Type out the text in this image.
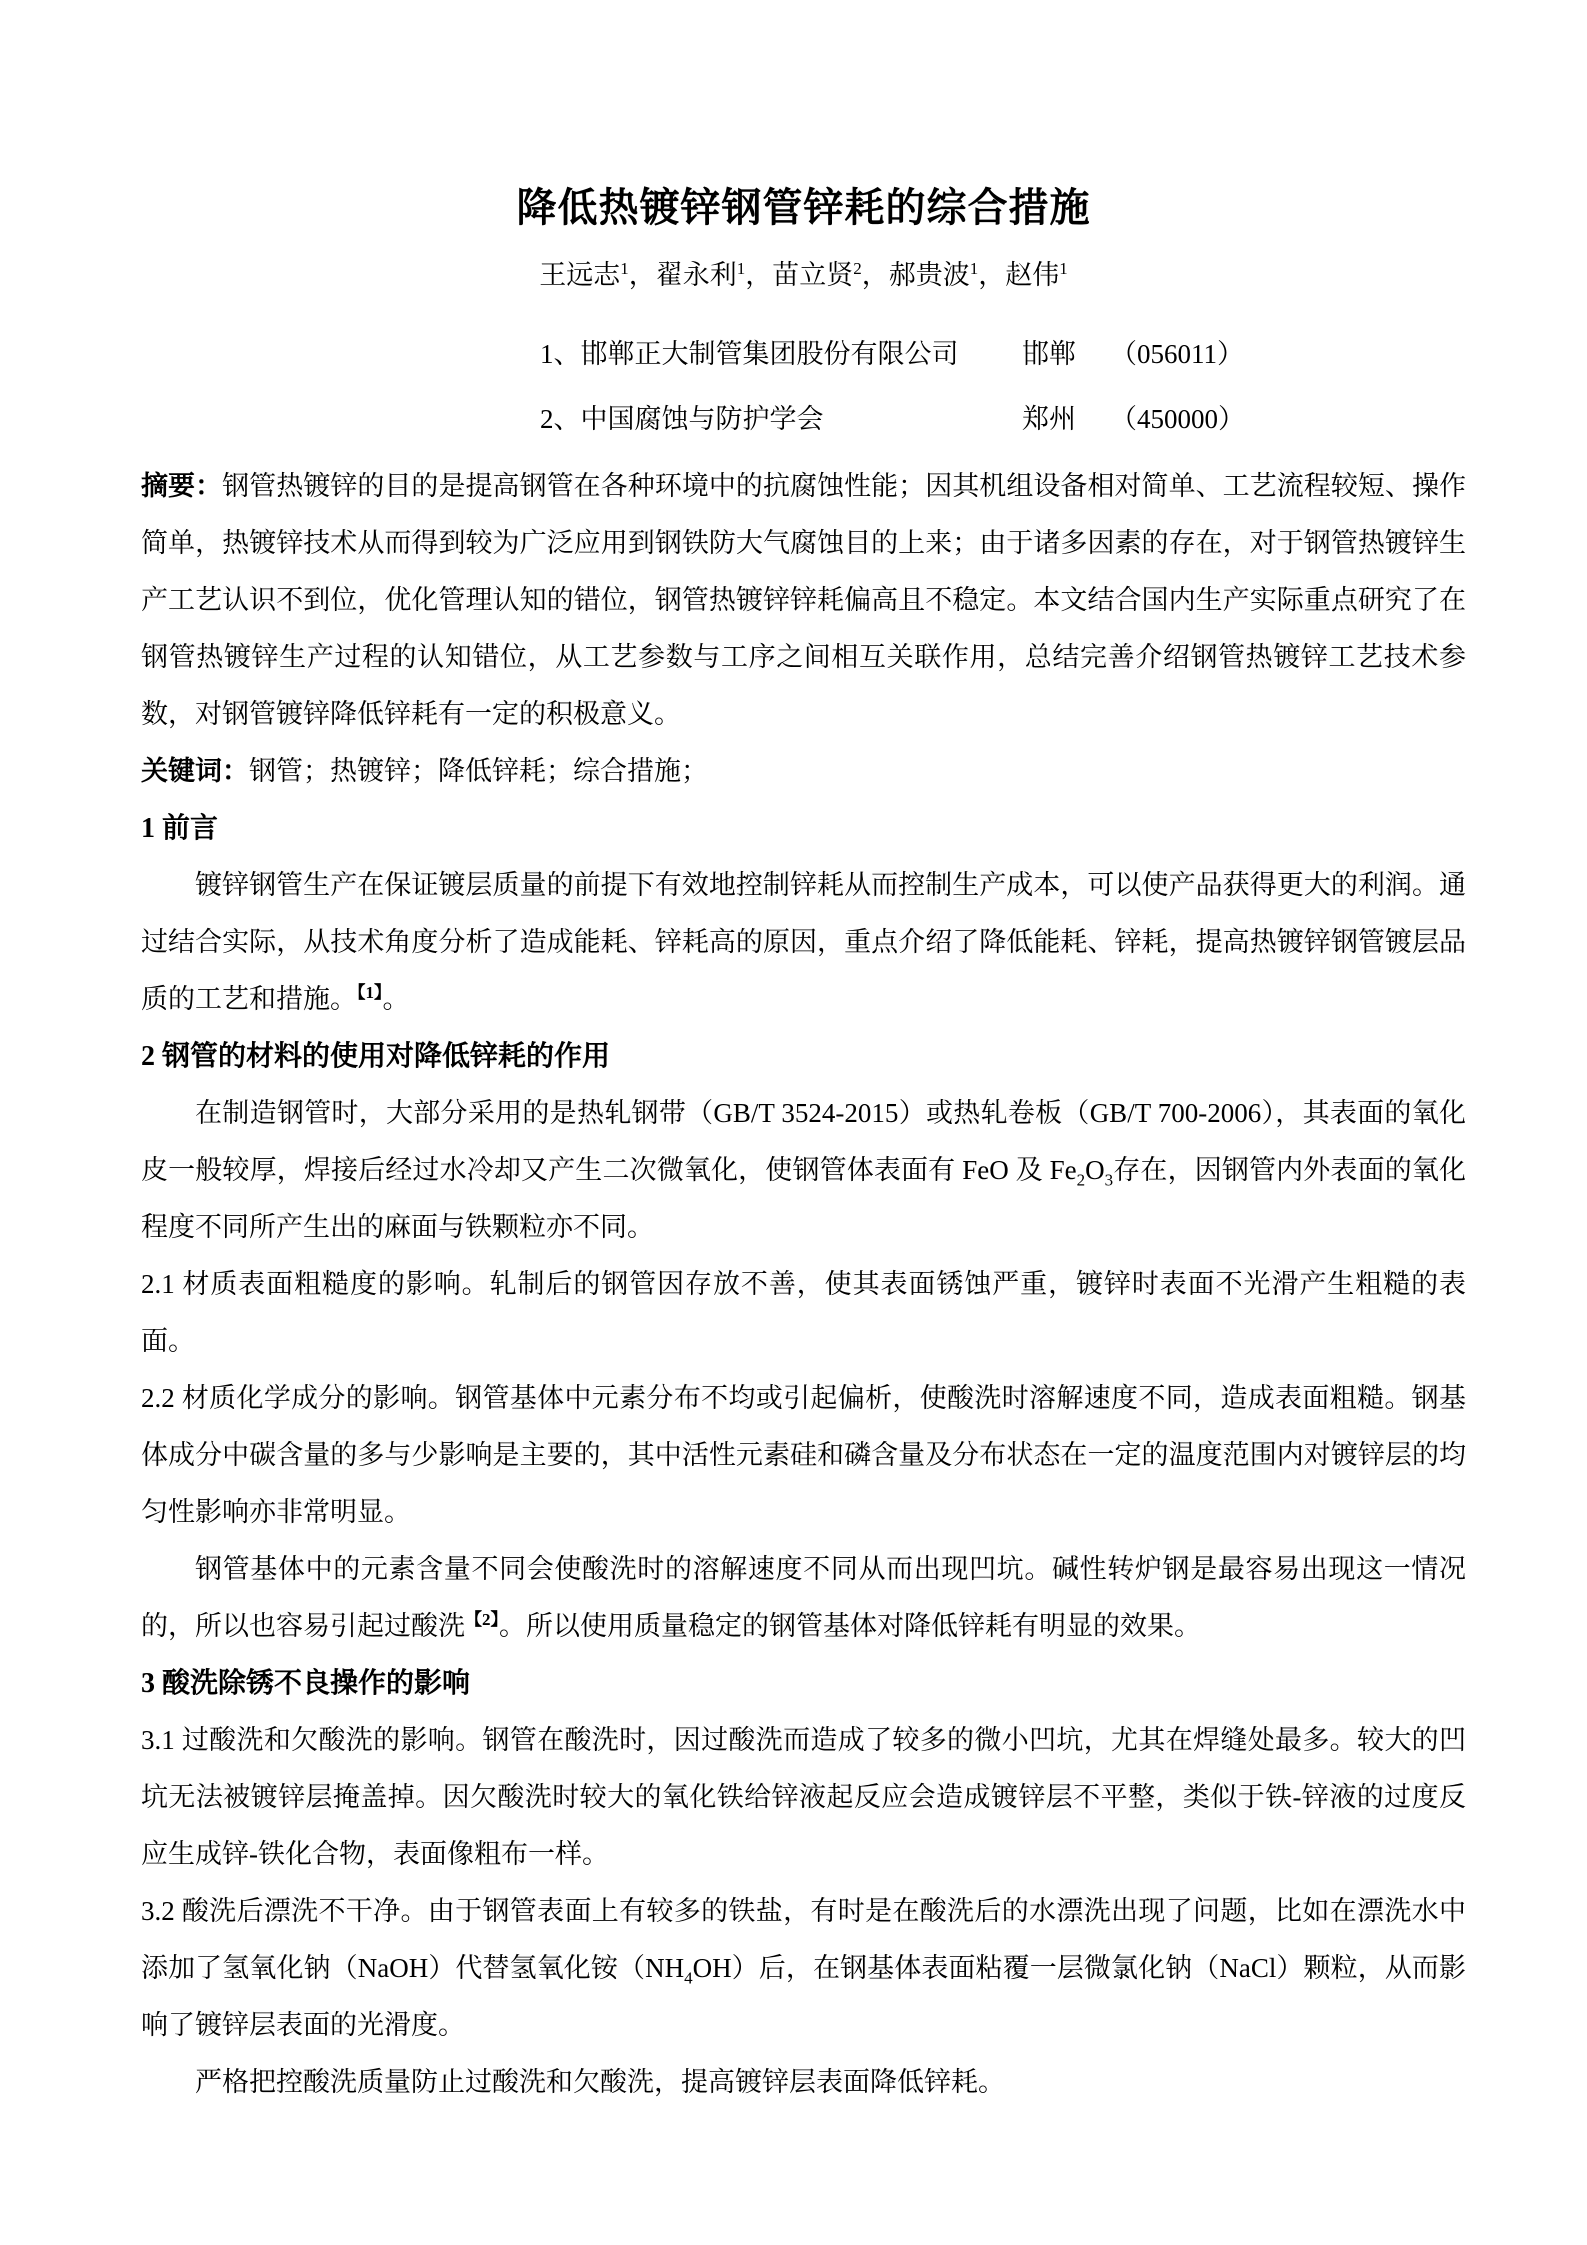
降低热镀锌钢管锌耗的综合措施
王远志$^1$，翟永利$^1$，苗立贤$^2$，郝贵波$^1$，赵伟$^1$
1、邯郸正大制管集团股份有限公司	邯郸	（056011）
2、中国腐蚀与防护学会	郑州	（450000）

摘要：钢管热镀锌的目的是提高钢管在各种环境中的抗腐蚀性能；因其机组设备相对简单、工艺流程较短、操作简单，热镀锌技术从而得到较为广泛应用到钢铁防大气腐蚀目的上来；由于诸多因素的存在，对于钢管热镀锌生产工艺认识不到位，优化管理认知的错位，钢管热镀锌锌耗偏高且不稳定。本文结合国内生产实际重点研究了在钢管热镀锌生产过程的认知错位，从工艺参数与工序之间相互关联作用，总结完善介绍钢管热镀锌工艺技术参数，对钢管镀锌降低锌耗有一定的积极意义。

关键词：钢管；热镀锌；降低锌耗；综合措施；

1 前言

镀锌钢管生产在保证镀层质量的前提下有效地控制锌耗从而控制生产成本，可以使产品获得更大的利润。通过结合实际，从技术角度分析了造成能耗、锌耗高的原因，重点介绍了降低能耗、锌耗，提高热镀锌钢管镀层品质的工艺和措施。$^{【1】}$。

2 钢管的材料的使用对降低锌耗的作用

在制造钢管时，大部分采用的是热轧钢带（GB/T 3524-2015）或热轧卷板（GB/T 700-2006），其表面的氧化皮一般较厚，焊接后经过水冷却又产生二次微氧化，使钢管体表面有 FeO 及 $Fe_2O_3$存在，因钢管内外表面的氧化程度不同所产生出的麻面与铁颗粒亦不同。

2.1 材质表面粗糙度的影响。轧制后的钢管因存放不善，使其表面锈蚀严重，镀锌时表面不光滑产生粗糙的表面。

2.2 材质化学成分的影响。钢管基体中元素分布不均或引起偏析，使酸洗时溶解速度不同，造成表面粗糙。钢基体成分中碳含量的多与少影响是主要的，其中活性元素硅和磷含量及分布状态在一定的温度范围内对镀锌层的均匀性影响亦非常明显。

钢管基体中的元素含量不同会使酸洗时的溶解速度不同从而出现凹坑。碱性转炉钢是最容易出现这一情况的，所以也容易引起过酸洗$^{【2】}$。所以使用质量稳定的钢管基体对降低锌耗有明显的效果。

3 酸洗除锈不良操作的影响

3.1 过酸洗和欠酸洗的影响。钢管在酸洗时，因过酸洗而造成了较多的微小凹坑，尤其在焊缝处最多。较大的凹坑无法被镀锌层掩盖掉。因欠酸洗时较大的氧化铁给锌液起反应会造成镀锌层不平整，类似于铁-锌液的过度反应生成锌-铁化合物，表面像粗布一样。

3.2 酸洗后漂洗不干净。由于钢管表面上有较多的铁盐，有时是在酸洗后的水漂洗出现了问题，比如在漂洗水中添加了氢氧化钠（NaOH）代替氢氧化铵$(NH_4OH)$后，在钢基体表面粘覆一层微氯化钠（NaCl）颗粒，从而影响了镀锌层表面的光滑度。

严格把控酸洗质量防止过酸洗和欠酸洗，提高镀锌层表面降低锌耗。
